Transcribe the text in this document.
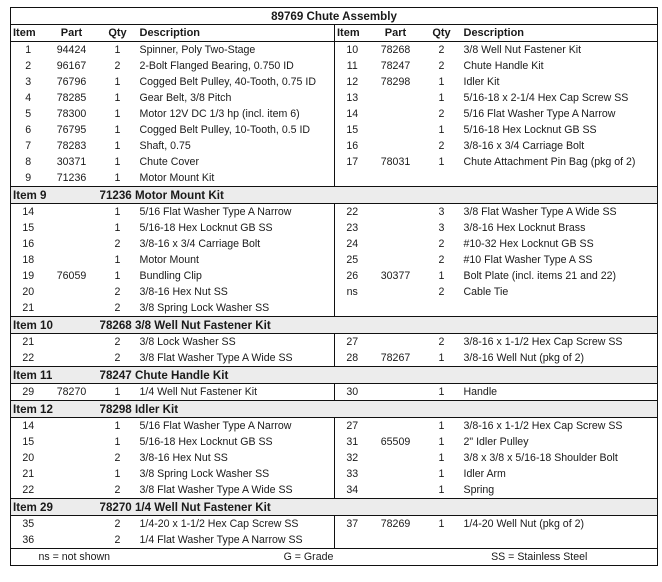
89769 Chute Assembly							
Item	Part	Qty	Description	Item	Part	Qty	Description
1	94424	1	Spinner, Poly Two-Stage	10	78268	2	3/8 Well Nut Fastener Kit
2	96167	2	2-Bolt Flanged Bearing, 0.750 ID	11	78247	2	Chute Handle Kit
3	76796	1	Cogged Belt Pulley, 40-Tooth, 0.75 ID	12	78298	1	Idler Kit
4	78285	1	Gear Belt, 3/8 Pitch	13		1	5/16-18 x 2-1/4 Hex Cap Screw SS
5	78300	1	Motor 12V DC 1/3 hp (incl. item 6)	14		2	5/16 Flat Washer Type A Narrow
6	76795	1	Cogged Belt Pulley, 10-Tooth, 0.5 ID	15		1	5/16-18 Hex Locknut GB SS
7	78283	1	Shaft, 0.75	16		2	3/8-16 x 3/4 Carriage Bolt
8	30371	1	Chute Cover	17	78031	1	Chute Attachment Pin Bag (pkg of 2)
9	71236	1	Motor Mount Kit				
Item 9		71236 Motor Mount Kit					
14		1	5/16 Flat Washer Type A Narrow	22		3	3/8 Flat Washer Type A Wide SS
15		1	5/16-18 Hex Locknut GB SS	23		3	3/8-16 Hex Locknut Brass
16		2	3/8-16 x 3/4 Carriage Bolt	24		2	#10-32 Hex Locknut GB SS
18		1	Motor Mount	25		2	#10 Flat Washer Type A SS
19	76059	1	Bundling Clip	26	30377	1	Bolt Plate (incl. items 21 and 22)
20		2	3/8-16 Hex Nut SS	ns		2	Cable Tie
21		2	3/8 Spring Lock Washer SS				
Item 10		78268 3/8 Well Nut Fastener Kit					
21		2	3/8 Lock Washer SS	27		2	3/8-16 x 1-1/2 Hex Cap Screw SS
22		2	3/8 Flat Washer Type A Wide SS	28	78267	1	3/8-16 Well Nut (pkg of 2)
Item 11		78247 Chute Handle Kit					
29	78270	1	1/4 Well Nut Fastener Kit	30		1	Handle
Item 12		78298 Idler Kit					
14		1	5/16 Flat Washer Type A Narrow	27		1	3/8-16 x 1-1/2 Hex Cap Screw SS
15		1	5/16-18 Hex Locknut GB SS	31	65509	1	2" Idler Pulley
20		2	3/8-16 Hex Nut SS	32		1	3/8 x 3/8 x 5/16-18 Shoulder Bolt
21		1	3/8 Spring Lock Washer SS	33		1	Idler Arm
22		2	3/8 Flat Washer Type A Wide SS	34		1	Spring
Item 29		78270 1/4 Well Nut Fastener Kit					
35		2	1/4-20 x 1-1/2 Hex Cap Screw SS	37	78269	1	1/4-20 Well Nut (pkg of 2)
36		2	1/4 Flat Washer Type A Narrow SS				
ns = not shown			G = Grade			SS = Stainless Steel	
